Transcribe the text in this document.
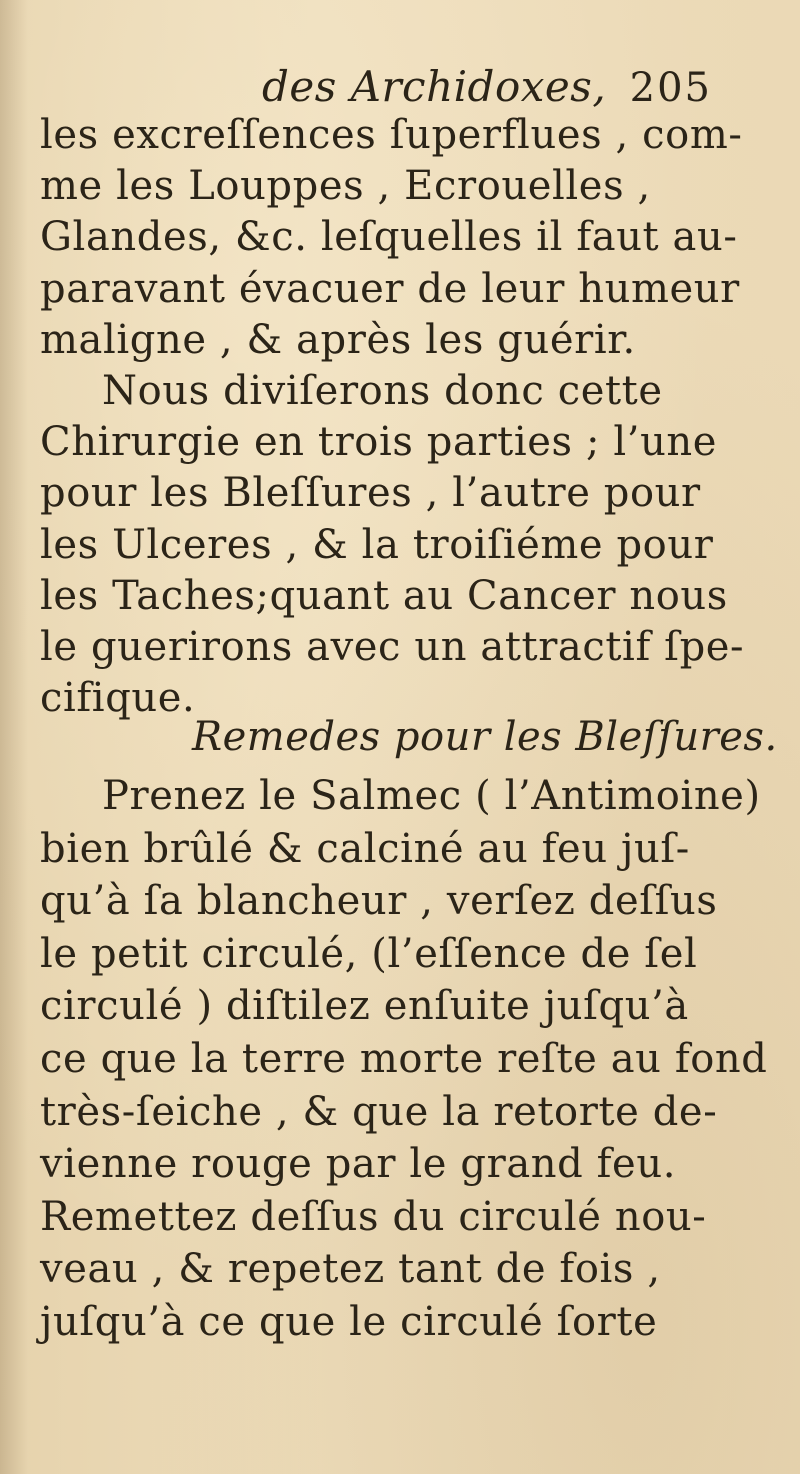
des Archidoxes, 205
les excreſſences ſuperflues , com-
me les Louppes , Ecrouelles ,
Glandes, &c. leſquelles il faut au-
paravant évacuer de leur humeur
maligne , & après les guérir.
Nous diviſerons donc cette
Chirurgie en trois parties ; l’une
pour les Bleſſures , l’autre pour
les Ulceres , & la troiſiéme pour
les Taches;quant au Cancer nous
le guerirons avec un attractif ſpe-
cifique.
Remedes pour les Bleſſures.
Prenez le Salmec ( l’Antimoine)
bien brûlé & calciné au feu juſ-
qu’à ſa blancheur , verſez deſſus
le petit circulé, (l’eſſence de ſel
circulé ) diſtilez enſuite juſqu’à
ce que la terre morte reſte au fond
très-ſeiche , & que la retorte de-
vienne rouge par le grand feu.
Remettez deſſus du circulé nou-
veau , & repetez tant de fois ,
juſqu’à ce que le circulé ſorte
